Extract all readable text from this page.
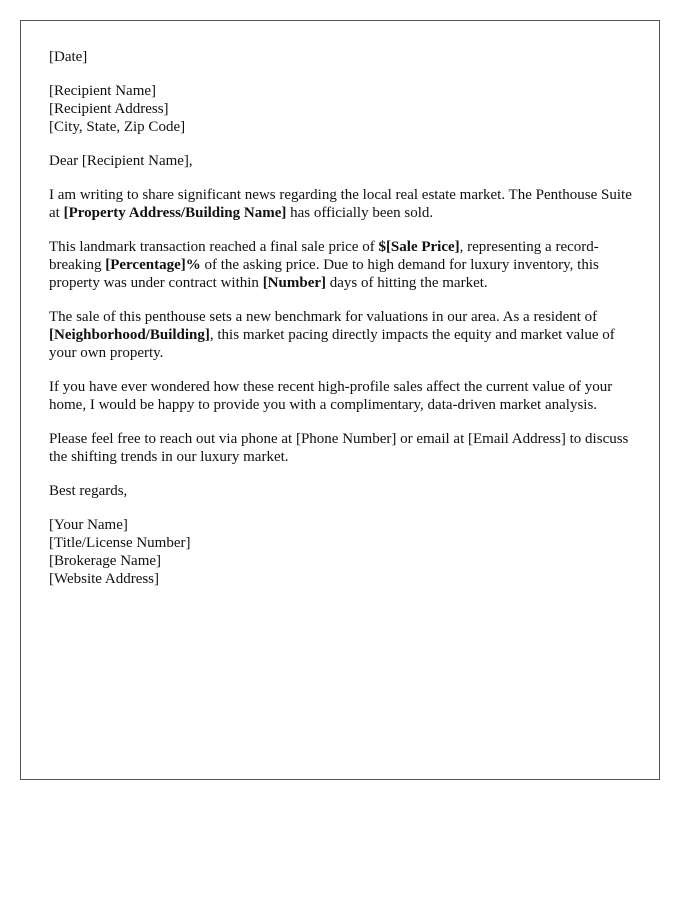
[Date]

[Recipient Name]
[Recipient Address]
[City, State, Zip Code]

Dear [Recipient Name],

I am writing to share significant news regarding the local real estate market. The Penthouse Suite at [Property Address/Building Name] has officially been sold.

This landmark transaction reached a final sale price of $[Sale Price], representing a record-breaking [Percentage]% of the asking price. Due to high demand for luxury inventory, this property was under contract within [Number] days of hitting the market.

The sale of this penthouse sets a new benchmark for valuations in our area. As a resident of [Neighborhood/Building], this market pacing directly impacts the equity and market value of your own property.

If you have ever wondered how these recent high-profile sales affect the current value of your home, I would be happy to provide you with a complimentary, data-driven market analysis.

Please feel free to reach out via phone at [Phone Number] or email at [Email Address] to discuss the shifting trends in our luxury market.

Best regards,

[Your Name]
[Title/License Number]
[Brokerage Name]
[Website Address]
